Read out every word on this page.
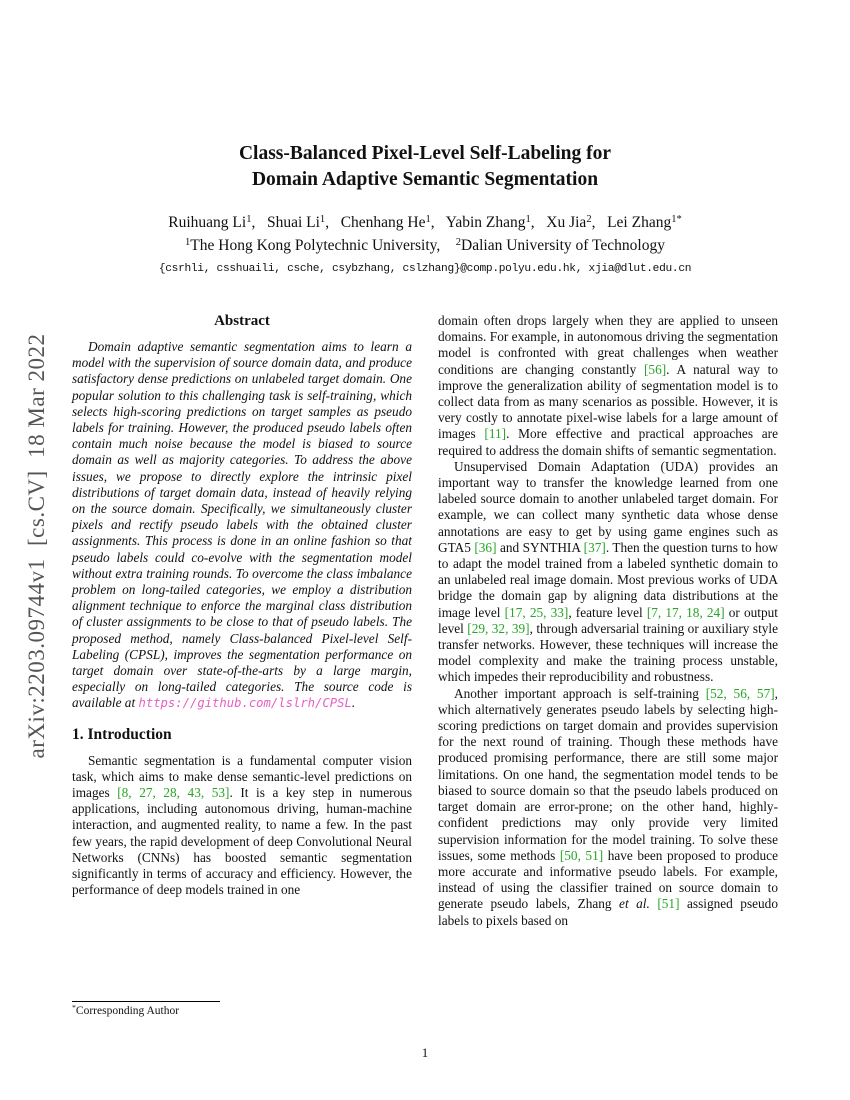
arXiv:2203.09744v1  [cs.CV]  18 Mar 2022
Class-Balanced Pixel-Level Self-Labeling for
Domain Adaptive Semantic Segmentation
Ruihuang Li$^1$,   Shuai Li$^1$,   Chenhang He$^1$,   Yabin Zhang$^1$,   Xu Jia$^2$,   Lei Zhang$^{1*}$
$^1$The Hong Kong Polytechnic University,    $^2$Dalian University of Technology
{csrhli, csshuaili, csche, csybzhang, cslzhang}@comp.polyu.edu.hk, xjia@dlut.edu.cn
Abstract

Domain adaptive semantic segmentation aims to learn a model with the supervision of source domain data, and produce satisfactory dense predictions on unlabeled target domain. One popular solution to this challenging task is self-training, which selects high-scoring predictions on target samples as pseudo labels for training. However, the produced pseudo labels often contain much noise because the model is biased to source domain as well as majority categories. To address the above issues, we propose to directly explore the intrinsic pixel distributions of target domain data, instead of heavily relying on the source domain. Specifically, we simultaneously cluster pixels and rectify pseudo labels with the obtained cluster assignments. This process is done in an online fashion so that pseudo labels could co-evolve with the segmentation model without extra training rounds. To overcome the class imbalance problem on long-tailed categories, we employ a distribution alignment technique to enforce the marginal class distribution of cluster assignments to be close to that of pseudo labels. The proposed method, namely Class-balanced Pixel-level Self-Labeling (CPSL), improves the segmentation performance on target domain over state-of-the-arts by a large margin, especially on long-tailed categories. The source code is available at https://github.com/lslrh/CPSL.

1. Introduction

Semantic segmentation is a fundamental computer vision task, which aims to make dense semantic-level predictions on images [8, 27, 28, 43, 53]. It is a key step in numerous applications, including autonomous driving, human-machine interaction, and augmented reality, to name a few. In the past few years, the rapid development of deep Convolutional Neural Networks (CNNs) has boosted semantic segmentation significantly in terms of accuracy and efficiency. However, the performance of deep models trained in one

domain often drops largely when they are applied to unseen domains. For example, in autonomous driving the segmentation model is confronted with great challenges when weather conditions are changing constantly [56]. A natural way to improve the generalization ability of segmentation model is to collect data from as many scenarios as possible. However, it is very costly to annotate pixel-wise labels for a large amount of images [11]. More effective and practical approaches are required to address the domain shifts of semantic segmentation.

Unsupervised Domain Adaptation (UDA) provides an important way to transfer the knowledge learned from one labeled source domain to another unlabeled target domain. For example, we can collect many synthetic data whose dense annotations are easy to get by using game engines such as GTA5 [36] and SYNTHIA [37]. Then the question turns to how to adapt the model trained from a labeled synthetic domain to an unlabeled real image domain. Most previous works of UDA bridge the domain gap by aligning data distributions at the image level [17, 25, 33], feature level [7, 17, 18, 24] or output level [29, 32, 39], through adversarial training or auxiliary style transfer networks. However, these techniques will increase the model complexity and make the training process unstable, which impedes their reproducibility and robustness.

Another important approach is self-training [52, 56, 57], which alternatively generates pseudo labels by selecting high-scoring predictions on target domain and provides supervision for the next round of training. Though these methods have produced promising performance, there are still some major limitations. On one hand, the segmentation model tends to be biased to source domain so that the pseudo labels produced on target domain are error-prone; on the other hand, highly-confident predictions may only provide very limited supervision information for the model training. To solve these issues, some methods [50, 51] have been proposed to produce more accurate and informative pseudo labels. For example, instead of using the classifier trained on source domain to generate pseudo labels, Zhang et al. [51] assigned pseudo labels to pixels based on

*Corresponding Author
1
